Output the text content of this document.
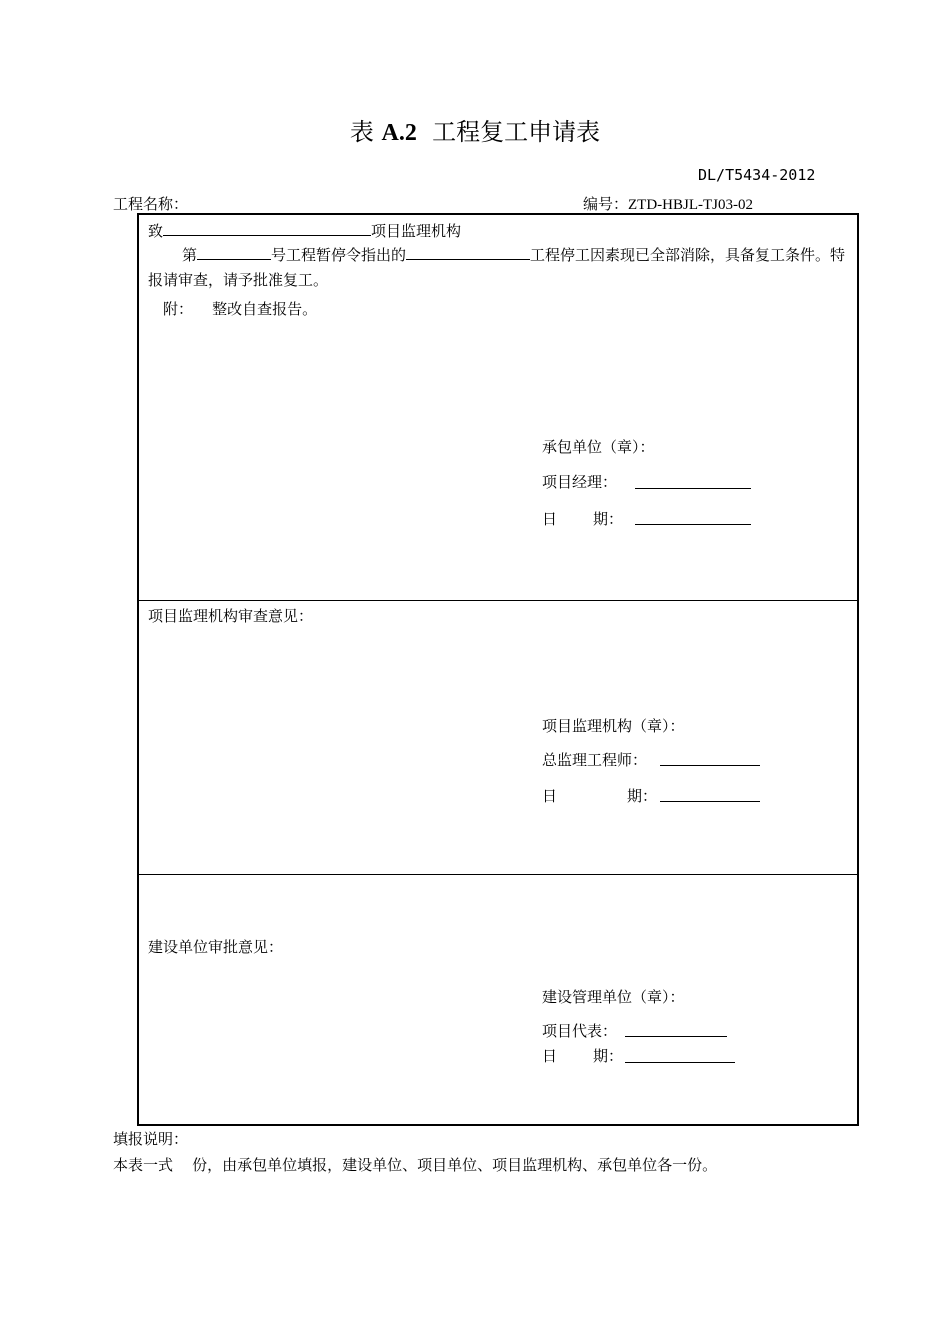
表 A.2 工程复工申请表
DL/T5434-2012
工程名称：	编号：ZTD-HBJL-TJ03-02
致	项目监理机构
第	号工程暂停令指出的	工程停工因素现已全部消除，具备复工条件。特报请审查，请予批准复工。
附： 整改自查报告。
承包单位（章）：
项目经理：
日 期：
项目监理机构审查意见：
项目监理机构（章）：
总监理工程师：
日	期：
建设单位审批意见：
建设管理单位（章）：
项目代表：
日 期：
填报说明：
本表一式    份，由承包单位填报，建设单位、项目单位、项目监理机构、承包单位各一份。
